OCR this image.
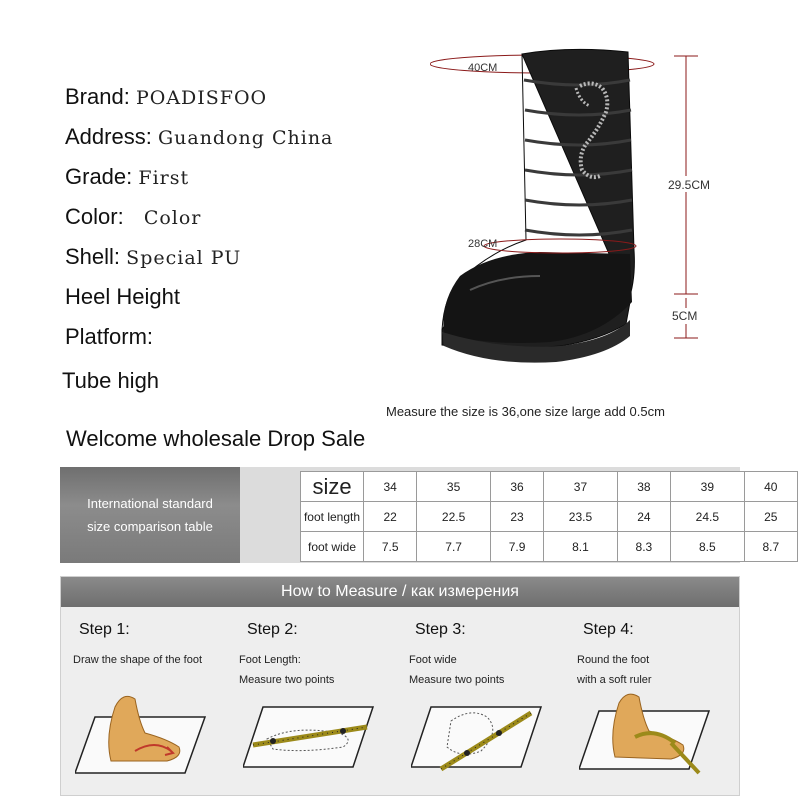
Brand: POADISFOO
Address: Guandong China
Grade: First
Color: Color
Shell: Special PU
Heel Height
Platform:
Tube high
40CM
28CM
29.5CM
5CM
Measure the size is 36,one size large add 0.5cm
Welcome wholesale Drop Sale
International standard
size comparison table
size	34	35	36	37	38	39	40
foot length	22	22.5	23	23.5	24	24.5	25
foot wide	7.5	7.7	7.9	8.1	8.3	8.5	8.7
How to Measure / как измерения
Step 1:
Draw the shape of the foot
Step 2:
Foot Length:
Measure two points
Step 3:
Foot wide
Measure two points
Step 4:
Round the foot
with a soft ruler
